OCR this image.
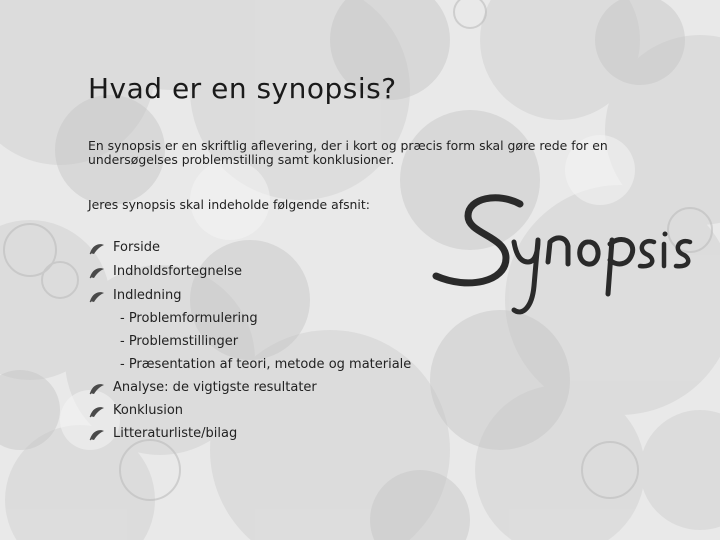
Hvad er en synopsis?
En synopsis er en skriftlig aflevering, der i kort og præcis form skal gøre rede for en undersøgelses problemstilling samt konklusioner.
Jeres synopsis skal indeholde følgende afsnit:
Forside
Indholdsfortegnelse
Indledning
- Problemformulering
- Problemstillinger
- Præsentation af teori, metode og materiale
Analyse: de vigtigste resultater
Konklusion
Litteraturliste/bilag
